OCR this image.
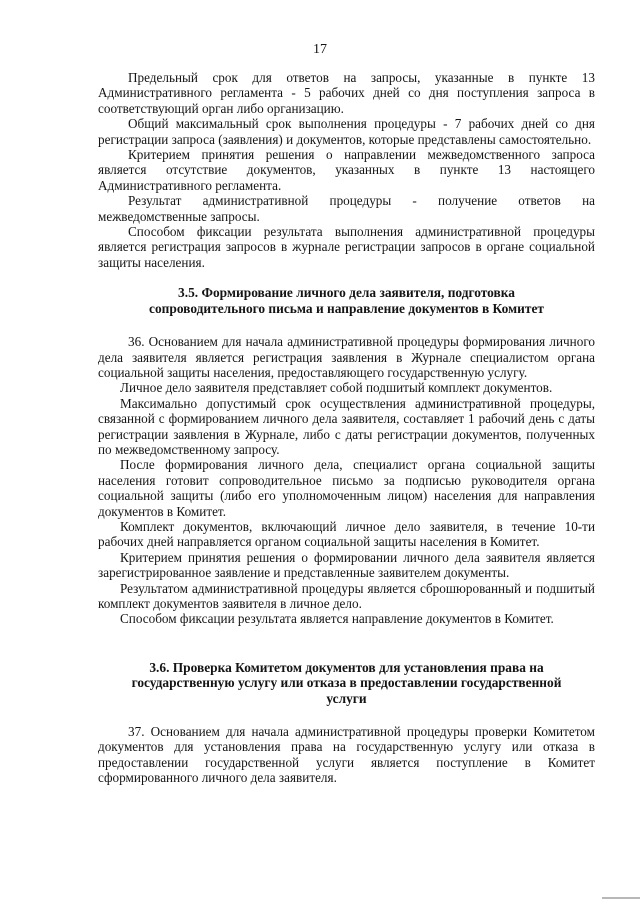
17

Предельный срок для ответов на запросы, указанные в пункте 13 Административного регламента - 5 рабочих дней со дня поступления запроса в соответствующий орган либо организацию.

Общий максимальный срок выполнения процедуры - 7 рабочих дней со дня регистрации запроса (заявления) и документов, которые представлены самостоятельно.

Критерием принятия решения о направлении межведомственного запроса является отсутствие документов, указанных в пункте 13 настоящего Административного регламента.

Результат административной процедуры - получение ответов на межведомственные запросы.

Способом фиксации результата выполнения административной процедуры является регистрация запросов в журнале регистрации запросов в органе социальной защиты населения.

3.5. Формирование личного дела заявителя, подготовка
сопроводительного письма и направление документов в Комитет

36. Основанием для начала административной процедуры формирования личного дела заявителя является регистрация заявления в Журнале специалистом органа социальной защиты населения, предоставляющего государственную услугу.

Личное дело заявителя представляет собой подшитый комплект документов.

Максимально допустимый срок осуществления административной процедуры, связанной с формированием личного дела заявителя, составляет 1 рабочий день с даты регистрации заявления в Журнале, либо с даты регистрации документов, полученных по межведомственному запросу.

После формирования личного дела, специалист органа социальной защиты населения готовит сопроводительное письмо за подписью руководителя органа социальной защиты (либо его уполномоченным лицом) населения для направления документов в Комитет.

Комплект документов, включающий личное дело заявителя, в течение 10-ти рабочих дней направляется органом социальной защиты населения в Комитет.

Критерием принятия решения о формировании личного дела заявителя является зарегистрированное заявление и представленные заявителем документы.

Результатом административной процедуры является сброшюрованный и подшитый комплект документов заявителя в личное дело.

Способом фиксации результата является направление документов в Комитет.

3.6. Проверка Комитетом документов для установления права на
государственную услугу или отказа в предоставлении государственной
услуги

37. Основанием для начала административной процедуры проверки Комитетом документов для установления права на государственную услугу или отказа в предоставлении государственной услуги является поступление в Комитет сформированного личного дела заявителя.
